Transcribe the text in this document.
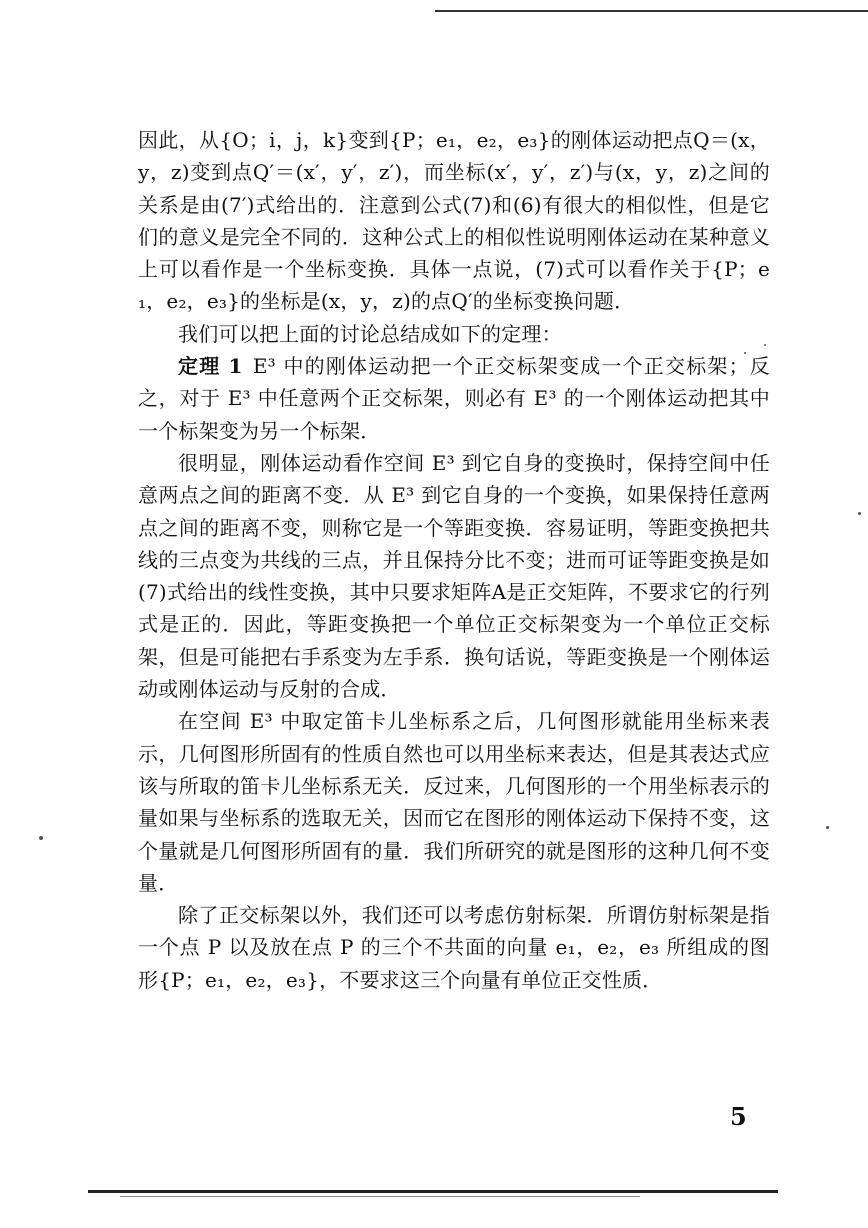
因此，从{O；i，j，k}变到{P；e₁，e₂，e₃}的刚体运动把点Q＝(x，y，z)变到点Q′＝(x′，y′，z′)，而坐标(x′，y′，z′)与(x，y，z)之间的关系是由(7′)式给出的．注意到公式(7)和(6)有很大的相似性，但是它们的意义是完全不同的．这种公式上的相似性说明刚体运动在某种意义上可以看作是一个坐标变换．具体一点说，(7)式可以看作关于{P；e₁，e₂，e₃}的坐标是(x，y，z)的点Q′的坐标变换问题．

我们可以把上面的讨论总结成如下的定理：

定理 1  E³ 中的刚体运动把一个正交标架变成一个正交标架；反之，对于 E³ 中任意两个正交标架，则必有 E³ 的一个刚体运动把其中一个标架变为另一个标架．

很明显，刚体运动看作空间 E³ 到它自身的变换时，保持空间中任意两点之间的距离不变．从 E³ 到它自身的一个变换，如果保持任意两点之间的距离不变，则称它是一个等距变换．容易证明，等距变换把共线的三点变为共线的三点，并且保持分比不变；进而可证等距变换是如(7)式给出的线性变换，其中只要求矩阵A是正交矩阵，不要求它的行列式是正的．因此，等距变换把一个单位正交标架变为一个单位正交标架，但是可能把右手系变为左手系．换句话说，等距变换是一个刚体运动或刚体运动与反射的合成．

在空间 E³ 中取定笛卡儿坐标系之后，几何图形就能用坐标来表示，几何图形所固有的性质自然也可以用坐标来表达，但是其表达式应该与所取的笛卡儿坐标系无关．反过来，几何图形的一个用坐标表示的量如果与坐标系的选取无关，因而它在图形的刚体运动下保持不变，这个量就是几何图形所固有的量．我们所研究的就是图形的这种几何不变量．

除了正交标架以外，我们还可以考虑仿射标架．所谓仿射标架是指一个点 P 以及放在点 P 的三个不共面的向量 e₁，e₂，e₃ 所组成的图形{P；e₁，e₂，e₃}，不要求这三个向量有单位正交性质．

5
